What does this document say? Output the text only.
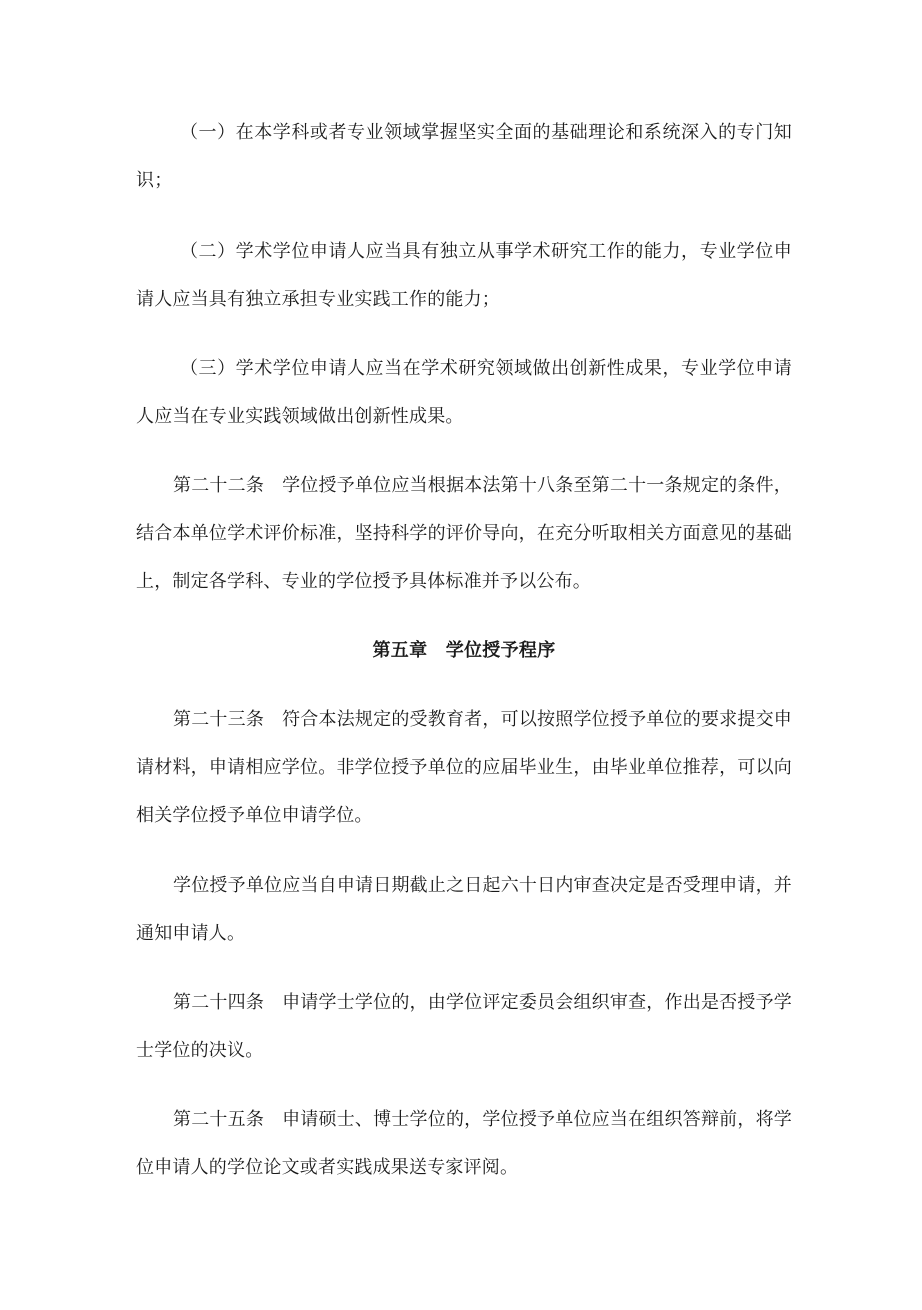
（一）在本学科或者专业领域掌握坚实全面的基础理论和系统深入的专门知识；

（二）学术学位申请人应当具有独立从事学术研究工作的能力，专业学位申请人应当具有独立承担专业实践工作的能力；

（三）学术学位申请人应当在学术研究领域做出创新性成果，专业学位申请人应当在专业实践领域做出创新性成果。

第二十二条 学位授予单位应当根据本法第十八条至第二十一条规定的条件，结合本单位学术评价标准，坚持科学的评价导向，在充分听取相关方面意见的基础上，制定各学科、专业的学位授予具体标准并予以公布。

第五章　学位授予程序

第二十三条 符合本法规定的受教育者，可以按照学位授予单位的要求提交申请材料，申请相应学位。非学位授予单位的应届毕业生，由毕业单位推荐，可以向相关学位授予单位申请学位。

学位授予单位应当自申请日期截止之日起六十日内审查决定是否受理申请，并通知申请人。

第二十四条 申请学士学位的，由学位评定委员会组织审查，作出是否授予学士学位的决议。

第二十五条 申请硕士、博士学位的，学位授予单位应当在组织答辩前，将学位申请人的学位论文或者实践成果送专家评阅。
